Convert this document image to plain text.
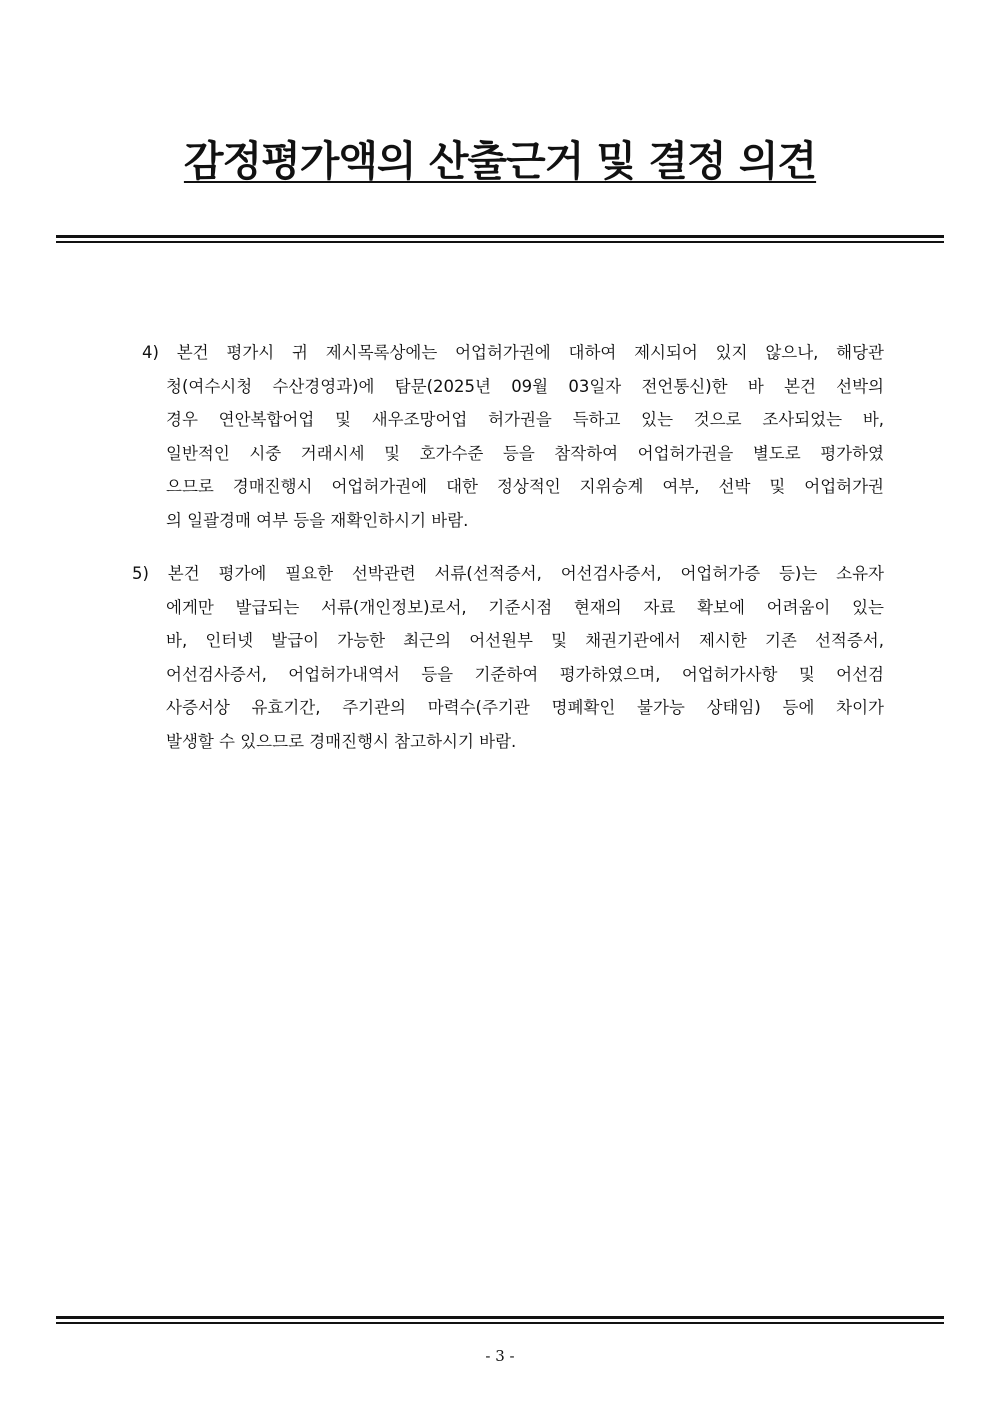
감정평가액의 산출근거 및 결정 의견
4) 본건 평가시 귀 제시목록상에는 어업허가권에 대하여 제시되어 있지 않으나, 해당관
청(여수시청 수산경영과)에 탐문(2025년 09월 03일자 전언통신)한 바 본건 선박의
경우 연안복합어업 및 새우조망어업 허가권을 득하고 있는 것으로 조사되었는 바,
일반적인 시중 거래시세 및 호가수준 등을 참작하여 어업허가권을 별도로 평가하였
으므로 경매진행시 어업허가권에 대한 정상적인 지위승계 여부, 선박 및 어업허가권
의 일괄경매 여부 등을 재확인하시기 바람.
5) 본건 평가에 필요한 선박관련 서류(선적증서, 어선검사증서, 어업허가증 등)는 소유자
에게만 발급되는 서류(개인정보)로서, 기준시점 현재의 자료 확보에 어려움이 있는
바, 인터넷 발급이 가능한 최근의 어선원부 및 채권기관에서 제시한 기존 선적증서,
어선검사증서, 어업허가내역서 등을 기준하여 평가하였으며, 어업허가사항 및 어선검
사증서상 유효기간, 주기관의 마력수(주기관 명폐확인 불가능 상태임) 등에 차이가
발생할 수 있으므로 경매진행시 참고하시기 바람.
- 3 -
